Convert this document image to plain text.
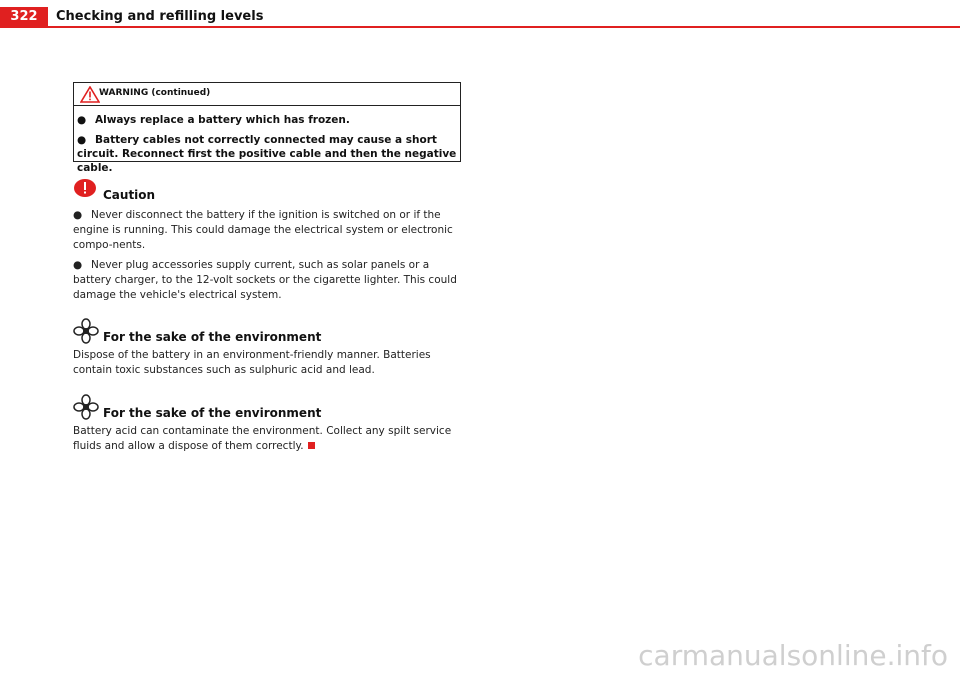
322	Checking and refilling levels
WARNING (continued)

● Always replace a battery which has frozen.

● Battery cables not correctly connected may cause a short circuit. Reconnect first the positive cable and then the negative cable.

Caution

● Never disconnect the battery if the ignition is switched on or if the engine is running. This could damage the electrical system or electronic compo-nents.

● Never plug accessories supply current, such as solar panels or a battery charger, to the 12-volt sockets or the cigarette lighter. This could damage the vehicle's electrical system.

For the sake of the environment

Dispose of the battery in an environment-friendly manner. Batteries contain toxic substances such as sulphuric acid and lead.

For the sake of the environment

Battery acid can contaminate the environment. Collect any spilt service fluids and allow a dispose of them correctly.

carmanualsonline.info
